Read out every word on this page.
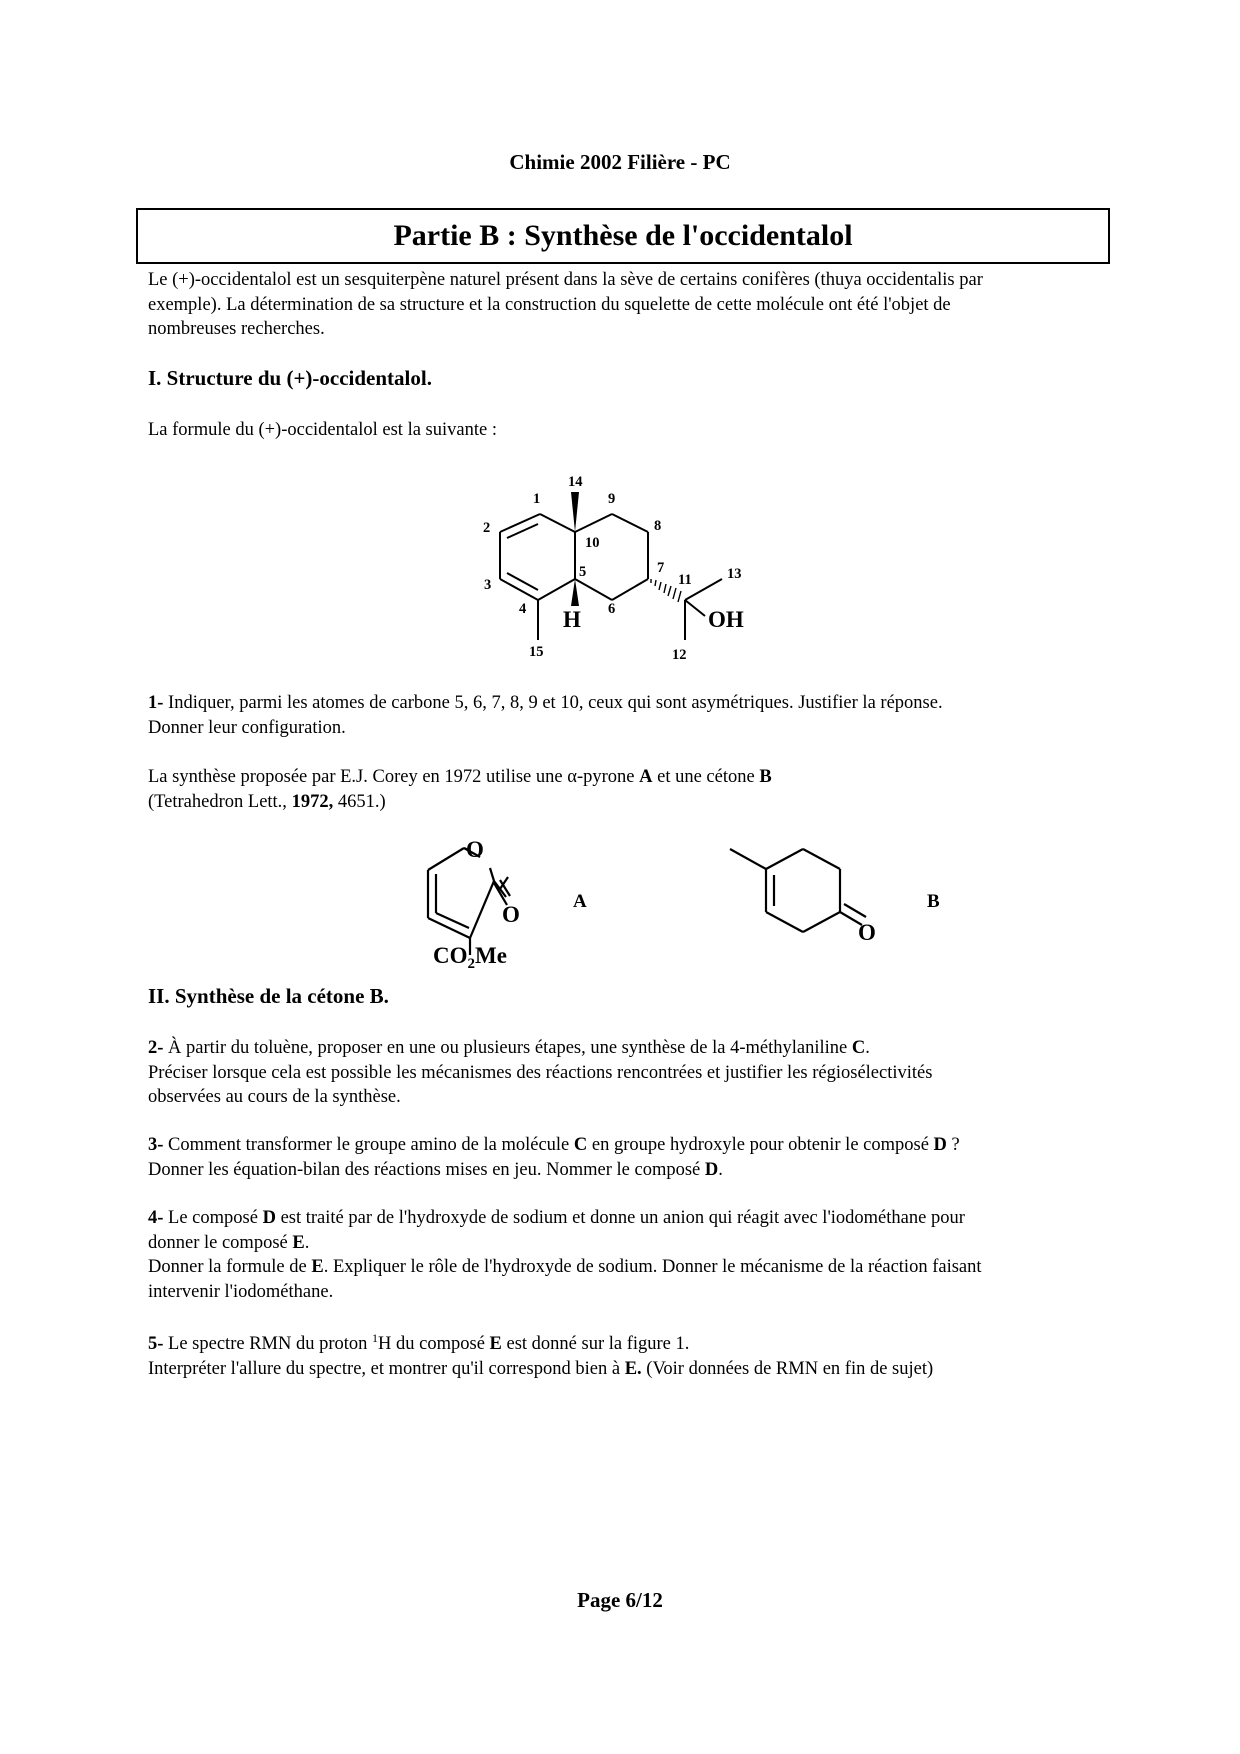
Chimie 2002 Filière - PC
Partie B : Synthèse de l'occidentalol
Le (+)-occidentalol est un sesquiterpène naturel présent dans la sève de certains conifères (thuya occidentalis par
exemple). La détermination de sa structure et la construction du squelette de cette molécule ont été l'objet de
nombreuses recherches.
I. Structure du (+)-occidentalol.
La formule du (+)-occidentalol est la suivante :
14
1	9
2	8
10
5	7
11 13
3
4	6
15	12
H	OH
1- Indiquer, parmi les atomes de carbone 5, 6, 7, 8, 9 et 10, ceux qui sont asymétriques. Justifier la réponse.
Donner leur configuration.
La synthèse proposée par E.J. Corey en 1972 utilise une α-pyrone A et une cétone B
(Tetrahedron Lett., 1972, 4651.)
O
O
$CO_2Me$
A
O
B
II. Synthèse de la cétone B.
2- À partir du toluène, proposer en une ou plusieurs étapes, une synthèse de la 4-méthylaniline C.
Préciser lorsque cela est possible les mécanismes des réactions rencontrées et justifier les régiosélectivités
observées au cours de la synthèse.
3- Comment transformer le groupe amino de la molécule C en groupe hydroxyle pour obtenir le composé D ?
Donner les équation-bilan des réactions mises en jeu. Nommer le composé D.
4- Le composé D est traité par de l'hydroxyde de sodium et donne un anion qui réagit avec l'iodométhane pour
donner le composé E.
Donner la formule de E. Expliquer le rôle de l'hydroxyde de sodium. Donner le mécanisme de la réaction faisant
intervenir l'iodométhane.
5- Le spectre RMN du proton $^1$H du composé E est donné sur la figure 1.
Interpréter l'allure du spectre, et montrer qu'il correspond bien à E. (Voir données de RMN en fin de sujet)
Page 6/12
